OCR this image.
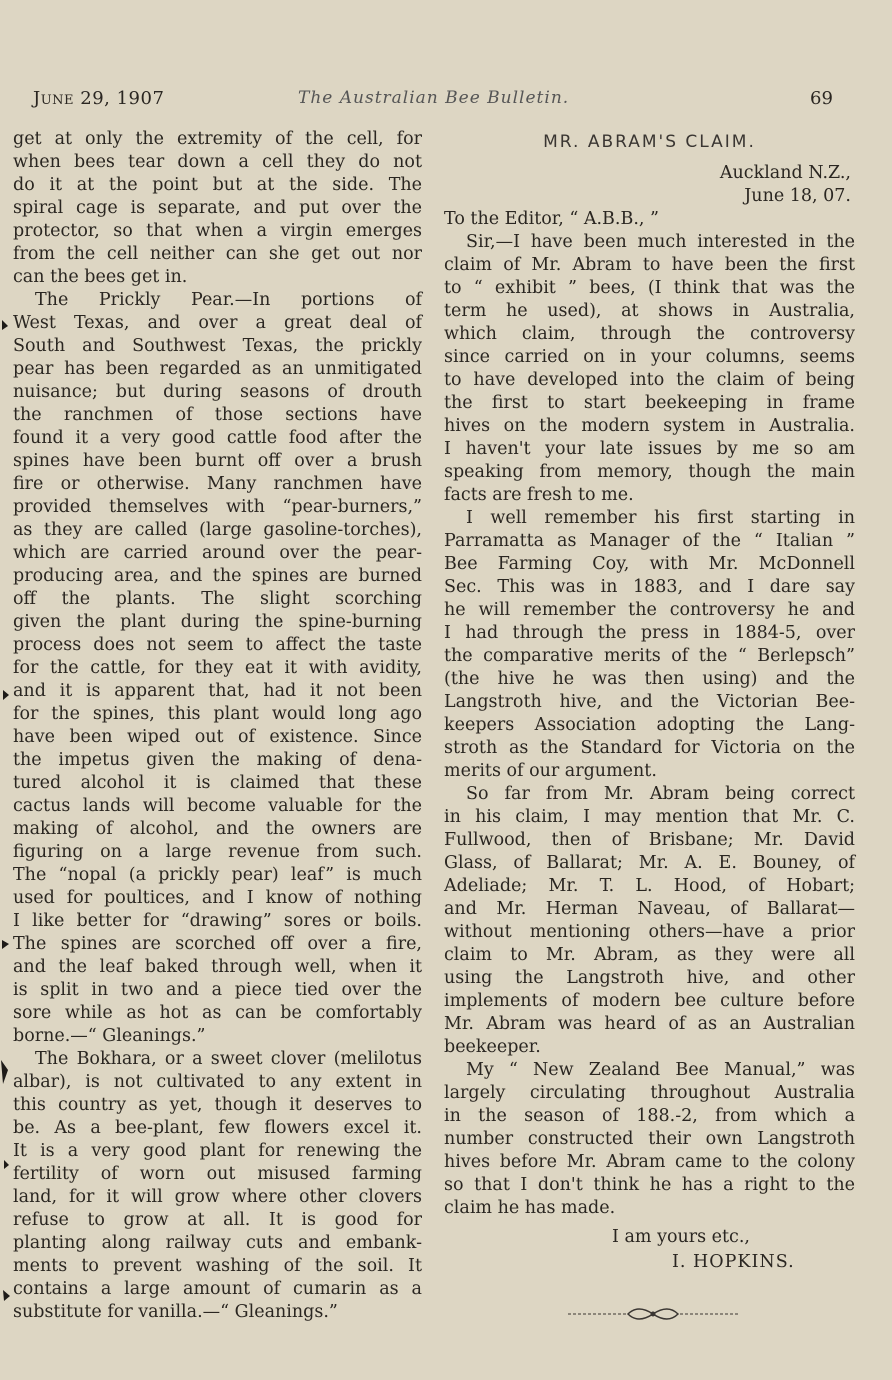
June 29, 1907	The Australian Bee Bulletin.	69

get at only the extremity of the cell, for
when bees tear down a cell they do not
do it at the point but at the side. The
spiral cage is separate, and put over the
protector, so that when a virgin emerges
from the cell neither can she get out nor
can the bees get in.
The Prickly Pear.—In portions of
West Texas, and over a great deal of
South and Southwest Texas, the prickly
pear has been regarded as an unmitigated
nuisance; but during seasons of drouth
the ranchmen of those sections have
found it a very good cattle food after the
spines have been burnt off over a brush
fire or otherwise. Many ranchmen have
provided themselves with “pear-burners,”
as they are called (large gasoline-torches),
which are carried around over the pear-
producing area, and the spines are burned
off the plants. The slight scorching
given the plant during the spine-burning
process does not seem to affect the taste
for the cattle, for they eat it with avidity,
and it is apparent that, had it not been
for the spines, this plant would long ago
have been wiped out of existence. Since
the impetus given the making of dena-
tured alcohol it is claimed that these
cactus lands will become valuable for the
making of alcohol, and the owners are
figuring on a large revenue from such.
The “nopal (a prickly pear) leaf” is much
used for poultices, and I know of nothing
I like better for “drawing” sores or boils.
The spines are scorched off over a fire,
and the leaf baked through well, when it
is split in two and a piece tied over the
sore while as hot as can be comfortably
borne.—“ Gleanings.”
The Bokhara, or a sweet clover (melilotus
albar), is not cultivated to any extent in
this country as yet, though it deserves to
be. As a bee-plant, few flowers excel it.
It is a very good plant for renewing the
fertility of worn out misused farming
land, for it will grow where other clovers
refuse to grow at all. It is good for
planting along railway cuts and embank-
ments to prevent washing of the soil. It
contains a large amount of cumarin as a
substitute for vanilla.—“ Gleanings.”

MR. ABRAM'S CLAIM.
Auckland N.Z.,
June 18, 07.

To the Editor, “ A.B.B., ”
Sir,—I have been much interested in the
claim of Mr. Abram to have been the first
to “ exhibit ” bees, (I think that was the
term he used), at shows in Australia,
which claim, through the controversy
since carried on in your columns, seems
to have developed into the claim of being
the first to start beekeeping in frame
hives on the modern system in Australia.
I haven't your late issues by me so am
speaking from memory, though the main
facts are fresh to me.
I well remember his first starting in
Parramatta as Manager of the “ Italian ”
Bee Farming Coy, with Mr. McDonnell
Sec. This was in 1883, and I dare say
he will remember the controversy he and
I had through the press in 1884-5, over
the comparative merits of the “ Berlepsch”
(the hive he was then using) and the
Langstroth hive, and the Victorian Bee-
keepers Association adopting the Lang-
stroth as the Standard for Victoria on the
merits of our argument.
So far from Mr. Abram being correct
in his claim, I may mention that Mr. C.
Fullwood, then of Brisbane; Mr. David
Glass, of Ballarat; Mr. A. E. Bouney, of
Adeliade; Mr. T. L. Hood, of Hobart;
and Mr. Herman Naveau, of Ballarat—
without mentioning others—have a prior
claim to Mr. Abram, as they were all
using the Langstroth hive, and other
implements of modern bee culture before
Mr. Abram was heard of as an Australian
beekeeper.
My “ New Zealand Bee Manual,” was
largely circulating throughout Australia
in the season of 188.-2, from which a
number constructed their own Langstroth
hives before Mr. Abram came to the colony
so that I don't think he has a right to the
claim he has made.

I am yours etc.,
I. HOPKINS.
